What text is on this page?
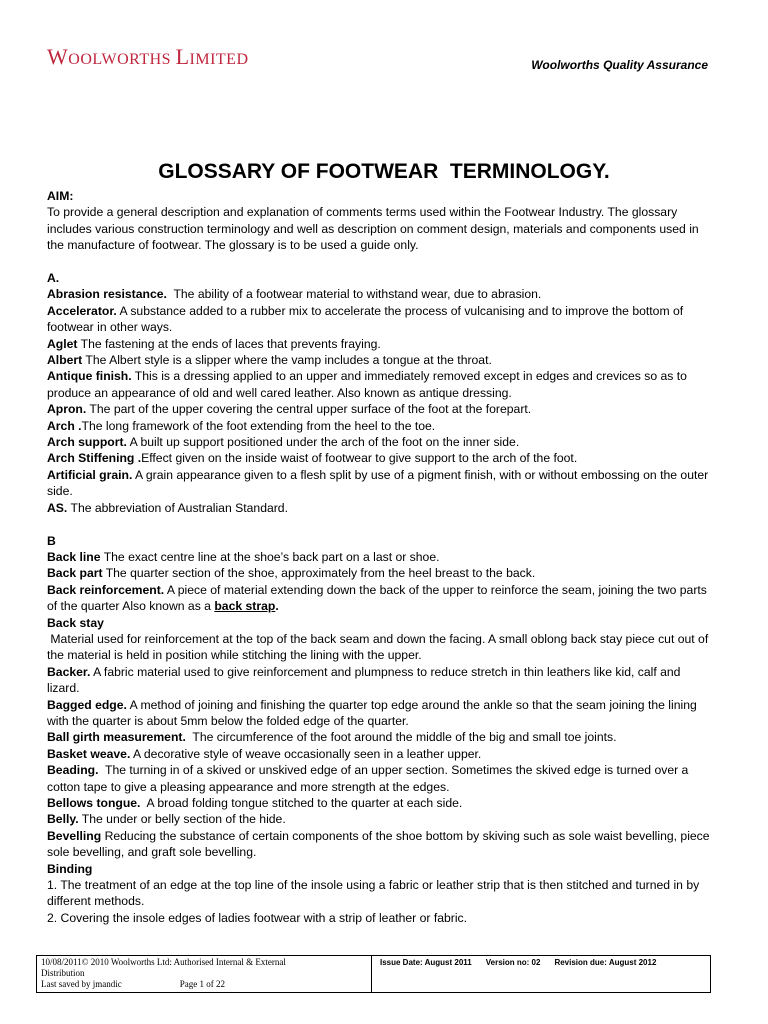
WOOLWORTHS LIMITED	Woolworths Quality Assurance
GLOSSARY OF FOOTWEAR  TERMINOLOGY.

AIM:

To provide a general description and explanation of comments terms used within the Footwear Industry. The glossary includes various construction terminology and well as description on comment design, materials and components used in the manufacture of footwear. The glossary is to be used a guide only.

A.

Abrasion resistance.  The ability of a footwear material to withstand wear, due to abrasion.

Accelerator. A substance added to a rubber mix to accelerate the process of vulcanising and to improve the bottom of footwear in other ways.

Aglet The fastening at the ends of laces that prevents fraying.

Albert The Albert style is a slipper where the vamp includes a tongue at the throat.

Antique finish. This is a dressing applied to an upper and immediately removed except in edges and crevices so as to produce an appearance of old and well cared leather. Also known as antique dressing.

Apron. The part of the upper covering the central upper surface of the foot at the forepart.

Arch .The long framework of the foot extending from the heel to the toe.

Arch support. A built up support positioned under the arch of the foot on the inner side.

Arch Stiffening .Effect given on the inside waist of footwear to give support to the arch of the foot.

Artificial grain. A grain appearance given to a flesh split by use of a pigment finish, with or without embossing on the outer side.

AS. The abbreviation of Australian Standard.

B

Back line The exact centre line at the shoe’s back part on a last or shoe.

Back part The quarter section of the shoe, approximately from the heel breast to the back.

Back reinforcement. A piece of material extending down the back of the upper to reinforce the seam, joining the two parts of the quarter Also known as a back strap.

Back stay

Material used for reinforcement at the top of the back seam and down the facing. A small oblong back stay piece cut out of the material is held in position while stitching the lining with the upper.

Backer. A fabric material used to give reinforcement and plumpness to reduce stretch in thin leathers like kid, calf and lizard.

Bagged edge. A method of joining and finishing the quarter top edge around the ankle so that the seam joining the lining with the quarter is about 5mm below the folded edge of the quarter.

Ball girth measurement.  The circumference of the foot around the middle of the big and small toe joints.

Basket weave. A decorative style of weave occasionally seen in a leather upper.

Beading.  The turning in of a skived or unskived edge of an upper section. Sometimes the skived edge is turned over a cotton tape to give a pleasing appearance and more strength at the edges.

Bellows tongue.  A broad folding tongue stitched to the quarter at each side.

Belly. The under or belly section of the hide.

Bevelling Reducing the substance of certain components of the shoe bottom by skiving such as sole waist bevelling, piece sole bevelling, and graft sole bevelling.

Binding

1. The treatment of an edge at the top line of the insole using a fabric or leather strip that is then stitched and turned in by different methods.

2. Covering the insole edges of ladies footwear with a strip of leather or fabric.

10/08/2011© 2010 Woolworths Ltd: Authorised Internal & External
Distribution
Last saved by jmandic	Page 1 of 22
Issue Date: August 2011 Version no: 02 Revision due: August 2012
